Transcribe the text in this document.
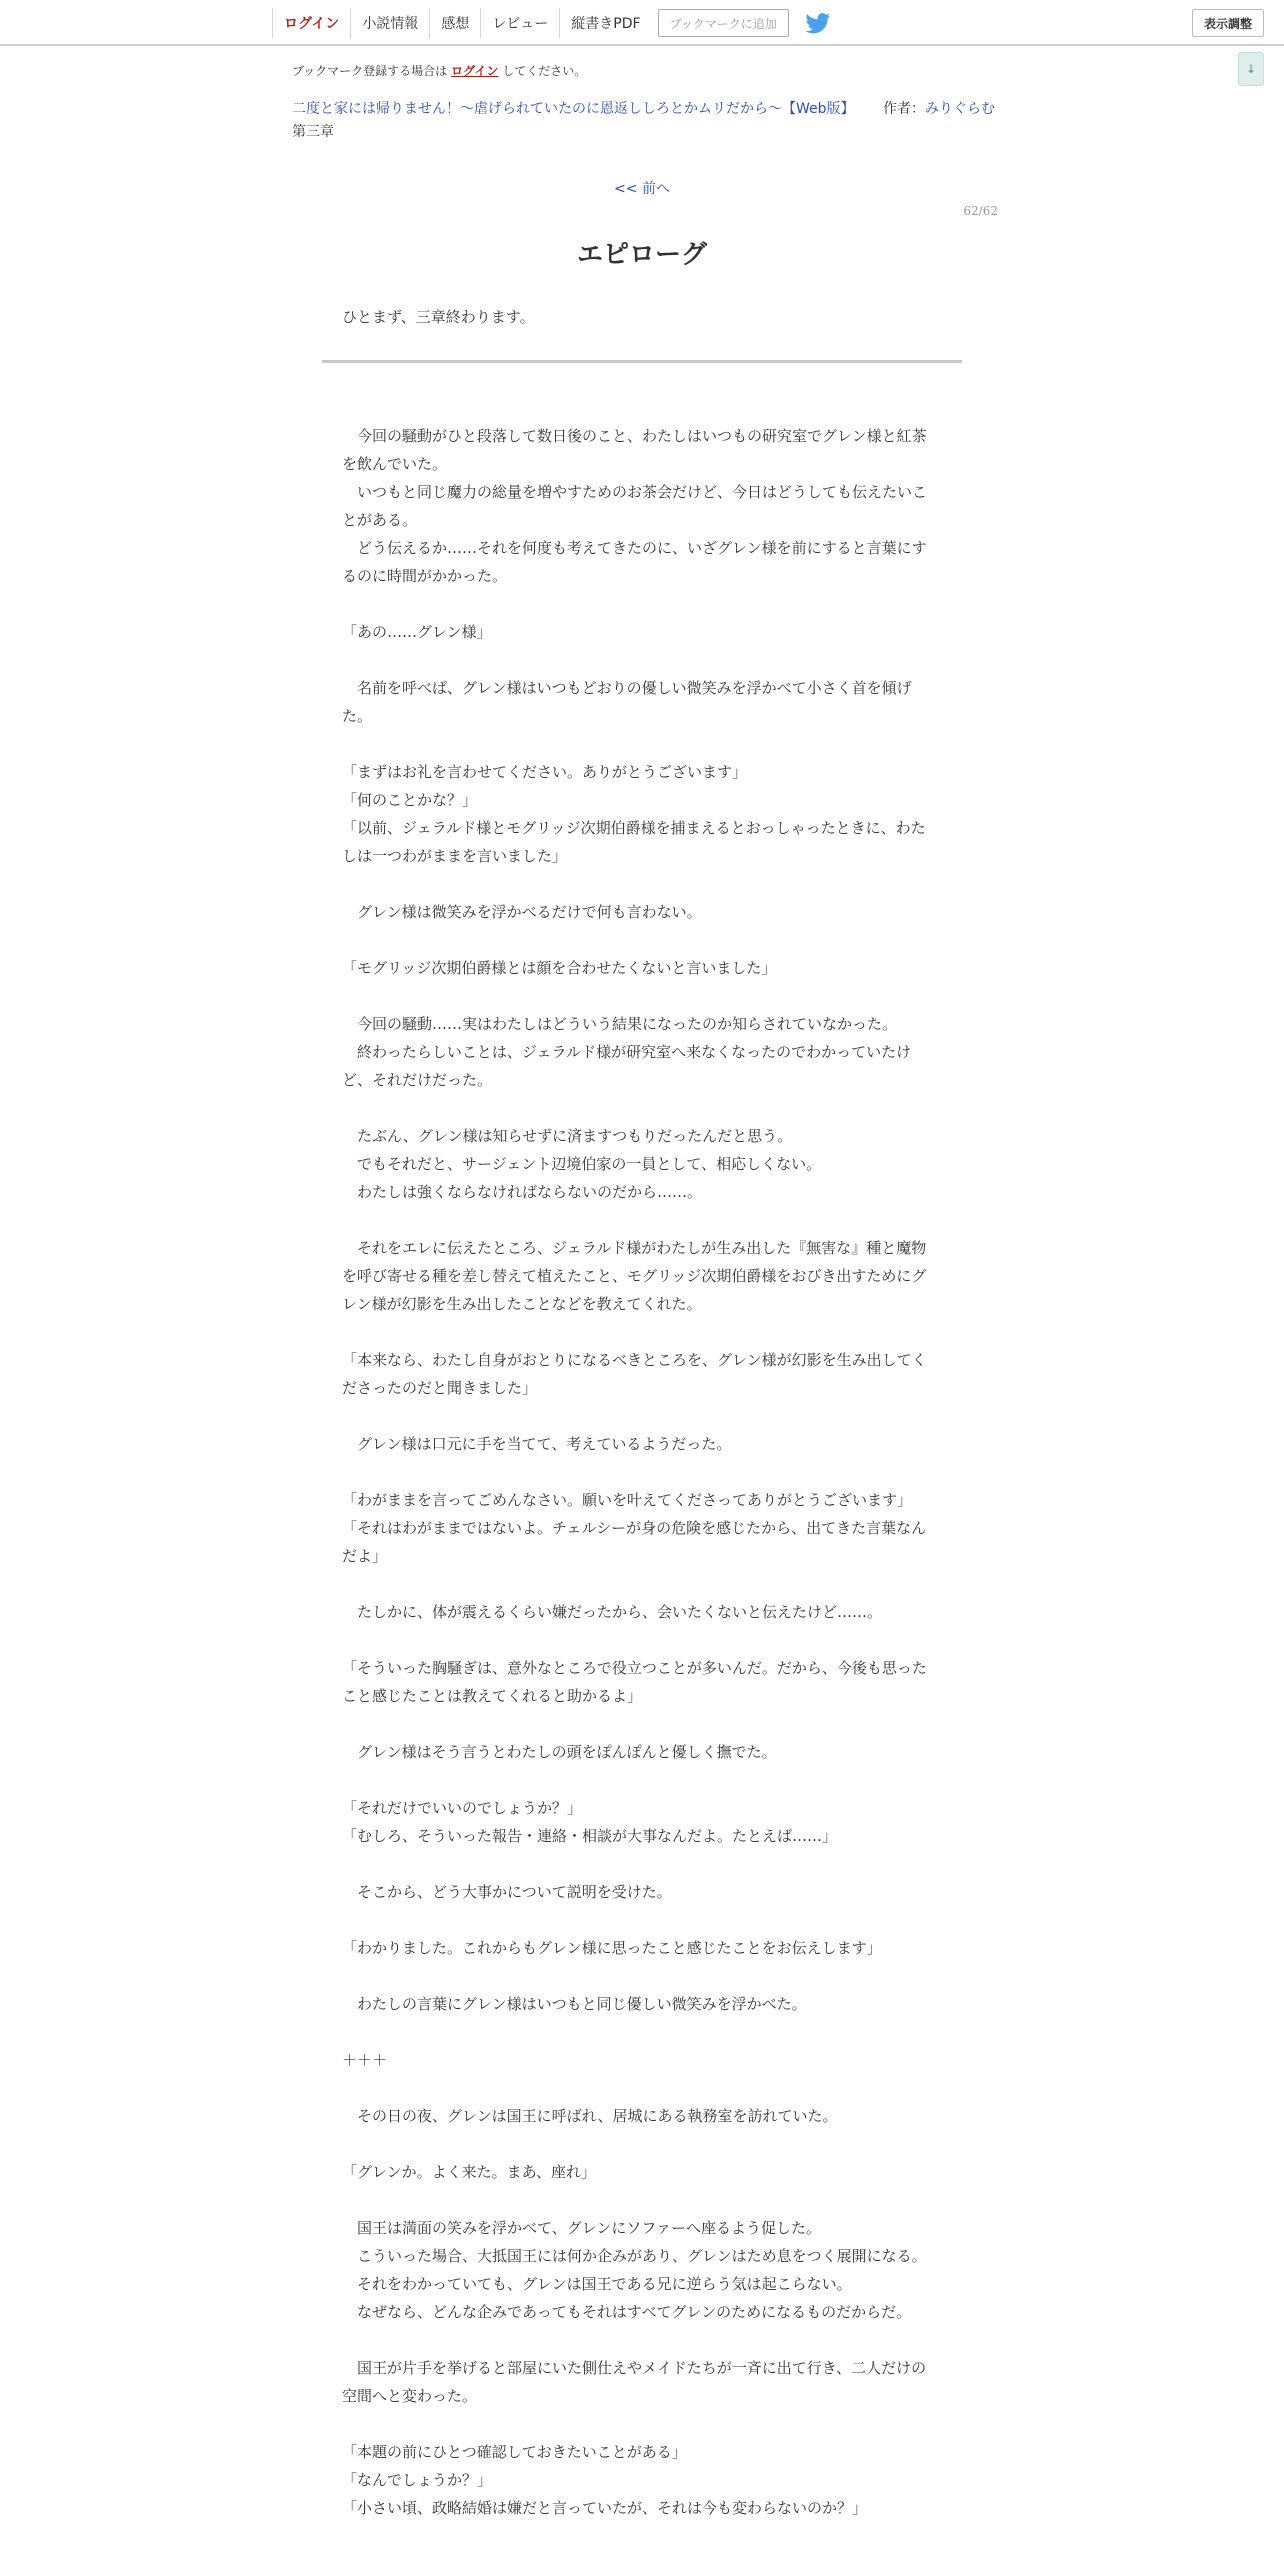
ログイン	小説情報	感想	レビュー	縦書きPDF	ブックマークに追加	表示調整
↓
ブックマーク登録する場合は ログイン してください。
二度と家には帰りません！～虐げられていたのに恩返ししろとかムリだから～【Web版】 作者：みりぐらむ
第三章
<< 前へ
62/62
エピローグ
ひとまず、三章終わります。
　今回の騒動がひと段落して数日後のこと、わたしはいつもの研究室でグレン様と紅茶を飲んでいた。
　いつもと同じ魔力の総量を増やすためのお茶会だけど、今日はどうしても伝えたいことがある。
　どう伝えるか……それを何度も考えてきたのに、いざグレン様を前にすると言葉にするのに時間がかかった。
「あの……グレン様」
　名前を呼べば、グレン様はいつもどおりの優しい微笑みを浮かべて小さく首を傾げた。
「まずはお礼を言わせてください。ありがとうございます」
「何のことかな？」
「以前、ジェラルド様とモグリッジ次期伯爵様を捕まえるとおっしゃったときに、わたしは一つわがままを言いました」
　グレン様は微笑みを浮かべるだけで何も言わない。
「モグリッジ次期伯爵様とは顔を合わせたくないと言いました」
　今回の騒動……実はわたしはどういう結果になったのか知らされていなかった。
　終わったらしいことは、ジェラルド様が研究室へ来なくなったのでわかっていたけど、それだけだった。
　たぶん、グレン様は知らせずに済ますつもりだったんだと思う。
　でもそれだと、サージェント辺境伯家の一員として、相応しくない。
　わたしは強くならなければならないのだから……。
　それをエレに伝えたところ、ジェラルド様がわたしが生み出した『無害な』種と魔物を呼び寄せる種を差し替えて植えたこと、モグリッジ次期伯爵様をおびき出すためにグレン様が幻影を生み出したことなどを教えてくれた。
「本来なら、わたし自身がおとりになるべきところを、グレン様が幻影を生み出してくださったのだと聞きました」
　グレン様は口元に手を当てて、考えているようだった。
「わがままを言ってごめんなさい。願いを叶えてくださってありがとうございます」
「それはわがままではないよ。チェルシーが身の危険を感じたから、出てきた言葉なんだよ」
　たしかに、体が震えるくらい嫌だったから、会いたくないと伝えたけど……。
「そういった胸騒ぎは、意外なところで役立つことが多いんだ。だから、今後も思ったこと感じたことは教えてくれると助かるよ」
　グレン様はそう言うとわたしの頭をぽんぽんと優しく撫でた。
「それだけでいいのでしょうか？」
「むしろ、そういった報告・連絡・相談が大事なんだよ。たとえば……」
　そこから、どう大事かについて説明を受けた。
「わかりました。これからもグレン様に思ったこと感じたことをお伝えします」
　わたしの言葉にグレン様はいつもと同じ優しい微笑みを浮かべた。
＋＋＋
　その日の夜、グレンは国王に呼ばれ、居城にある執務室を訪れていた。
「グレンか。よく来た。まあ、座れ」
　国王は満面の笑みを浮かべて、グレンにソファーへ座るよう促した。
　こういった場合、大抵国王には何か企みがあり、グレンはため息をつく展開になる。
　それをわかっていても、グレンは国王である兄に逆らう気は起こらない。
　なぜなら、どんな企みであってもそれはすべてグレンのためになるものだからだ。
　国王が片手を挙げると部屋にいた側仕えやメイドたちが一斉に出て行き、二人だけの空間へと変わった。
「本題の前にひとつ確認しておきたいことがある」
「なんでしょうか？」
「小さい頃、政略結婚は嫌だと言っていたが、それは今も変わらないのか？」
